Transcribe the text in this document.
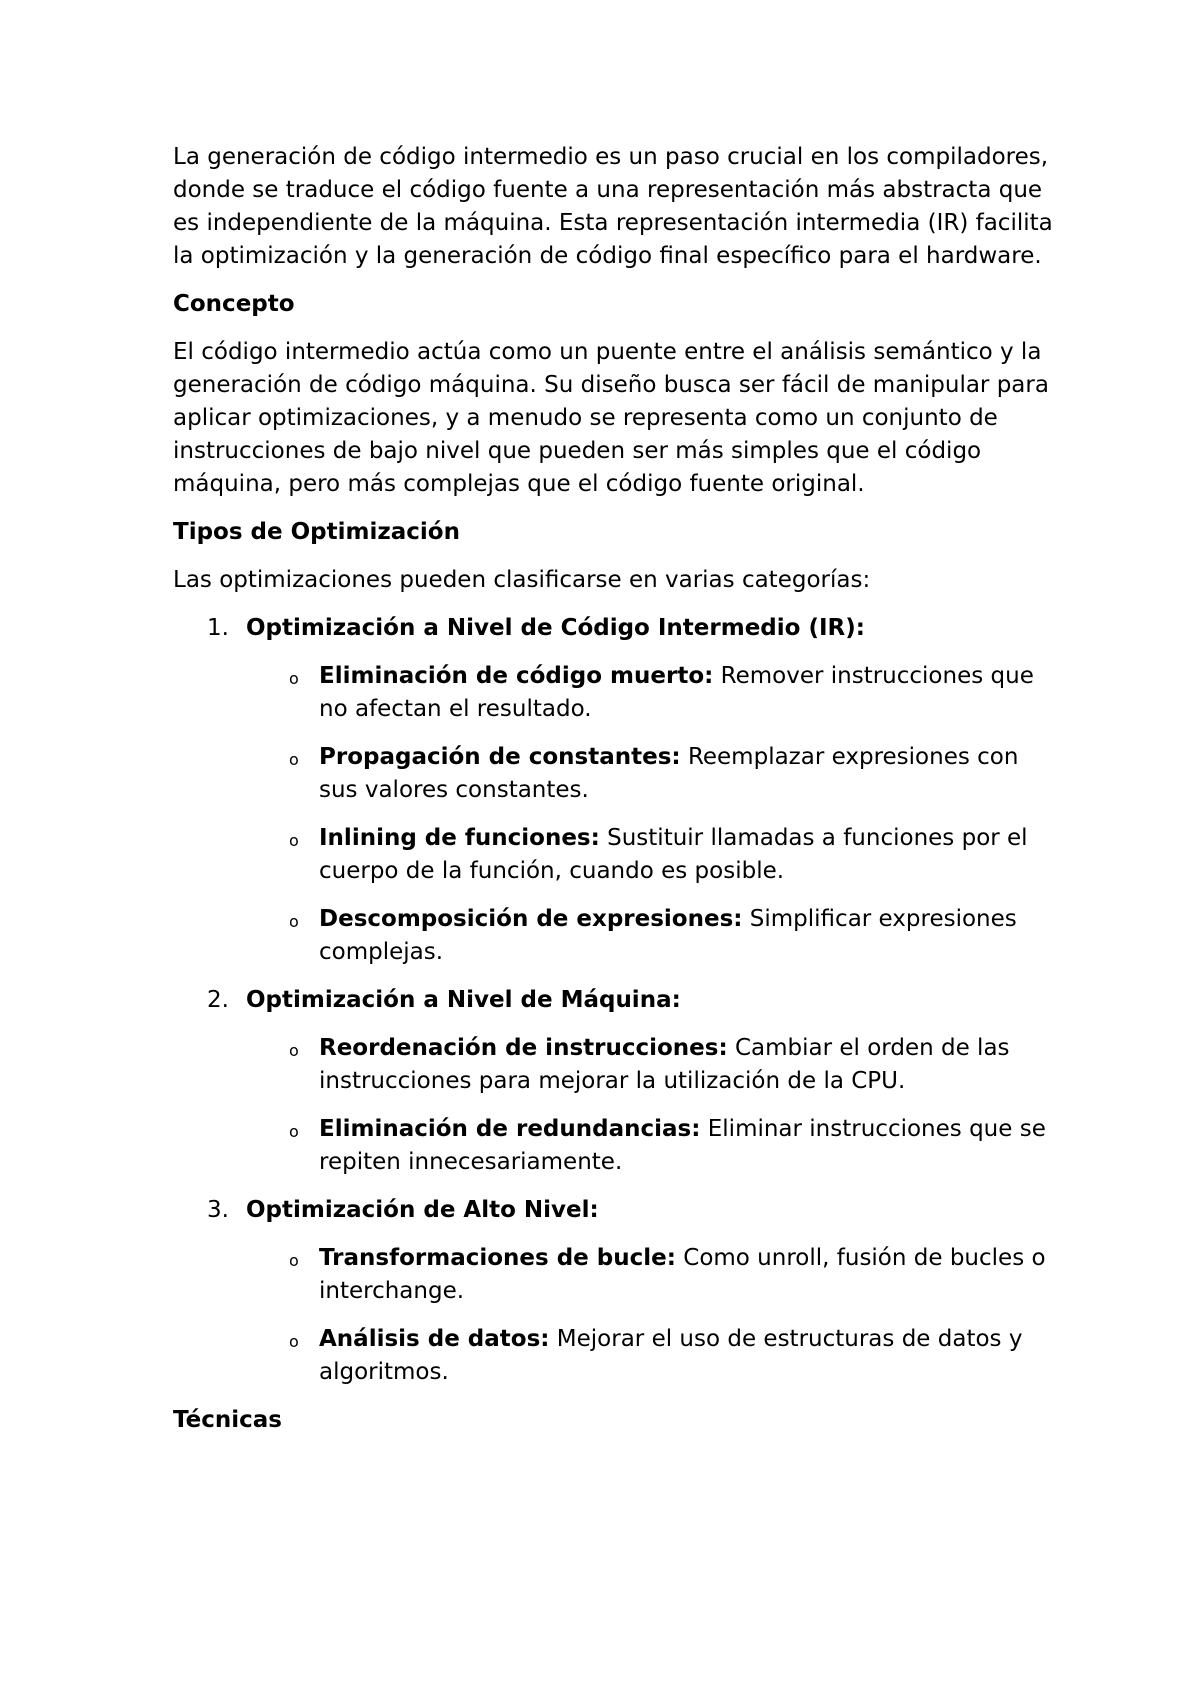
La generación de código intermedio es un paso crucial en los compiladores, donde se traduce el código fuente a una representación más abstracta que es independiente de la máquina. Esta representación intermedia (IR) facilita la optimización y la generación de código final específico para el hardware.

Concepto

El código intermedio actúa como un puente entre el análisis semántico y la generación de código máquina. Su diseño busca ser fácil de manipular para aplicar optimizaciones, y a menudo se representa como un conjunto de instrucciones de bajo nivel que pueden ser más simples que el código máquina, pero más complejas que el código fuente original.

Tipos de Optimización

Las optimizaciones pueden clasificarse en varias categorías:

1. Optimización a Nivel de Código Intermedio (IR):
o Eliminación de código muerto: Remover instrucciones que no afectan el resultado.
o Propagación de constantes: Reemplazar expresiones con sus valores constantes.
o Inlining de funciones: Sustituir llamadas a funciones por el cuerpo de la función, cuando es posible.
o Descomposición de expresiones: Simplificar expresiones complejas.
2. Optimización a Nivel de Máquina:
o Reordenación de instrucciones: Cambiar el orden de las instrucciones para mejorar la utilización de la CPU.
o Eliminación de redundancias: Eliminar instrucciones que se repiten innecesariamente.
3. Optimización de Alto Nivel:
o Transformaciones de bucle: Como unroll, fusión de bucles o interchange.
o Análisis de datos: Mejorar el uso de estructuras de datos y algoritmos.
Técnicas
